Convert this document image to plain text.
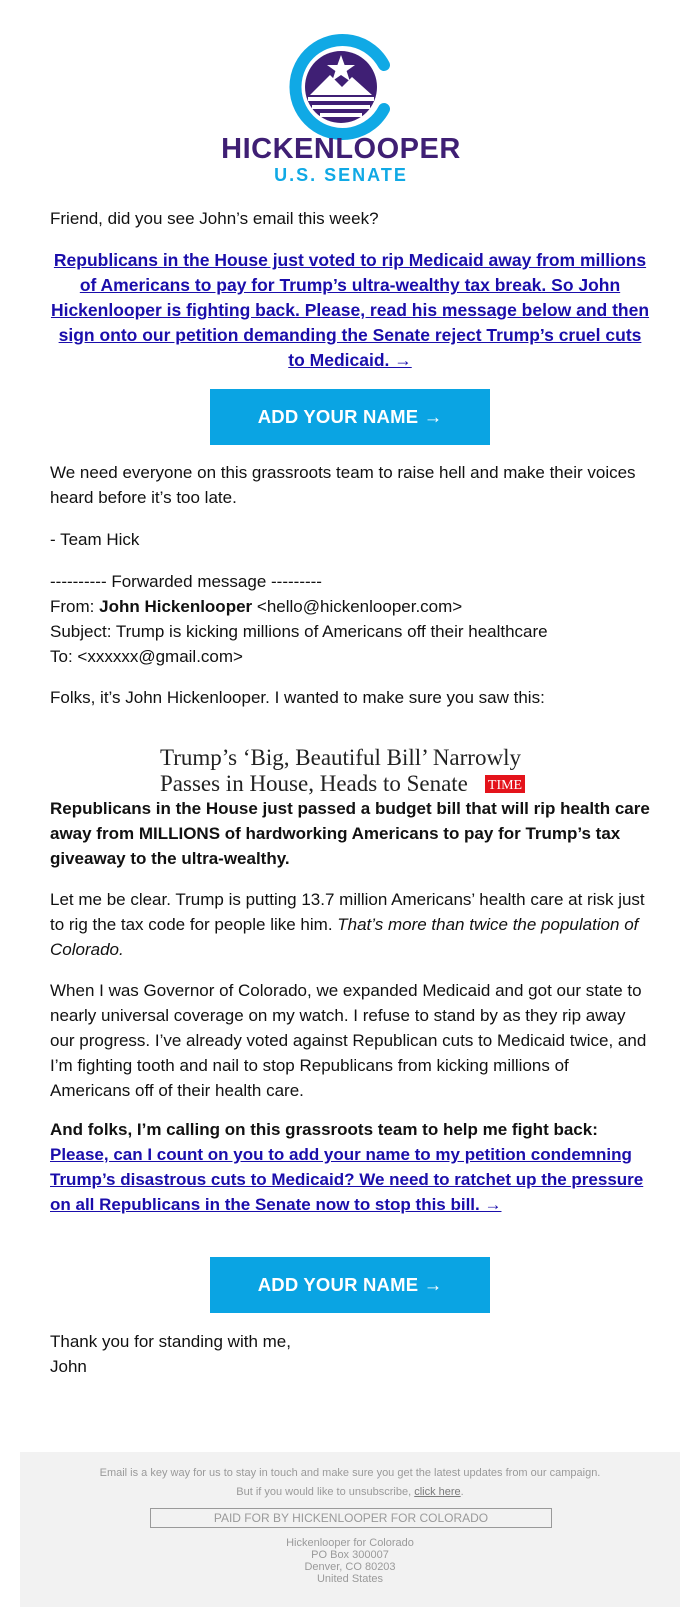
HICKENLOOPER
U.S. SENATE
Friend, did you see John’s email this week?
Republicans in the House just voted to rip Medicaid away from millions of Americans to pay for Trump’s ultra-wealthy tax break. So John Hickenlooper is fighting back. Please, read his message below and then sign onto our petition demanding the Senate reject Trump’s cruel cuts to Medicaid. →
ADD YOUR NAME →
We need everyone on this grassroots team to raise hell and make their voices heard before it’s too late.
- Team Hick
---------- Forwarded message ---------
From: John Hickenlooper <hello@hickenlooper.com>
Subject: Trump is kicking millions of Americans off their healthcare
To: <xxxxxx@gmail.com>
Folks, it’s John Hickenlooper. I wanted to make sure you saw this:
Trump’s ‘Big, Beautiful Bill’ Narrowly
Passes in House, Heads to Senate TIME
Republicans in the House just passed a budget bill that will rip health care away from MILLIONS of hardworking Americans to pay for Trump’s tax giveaway to the ultra-wealthy.
Let me be clear. Trump is putting 13.7 million Americans’ health care at risk just to rig the tax code for people like him. That’s more than twice the population of Colorado.
When I was Governor of Colorado, we expanded Medicaid and got our state to nearly universal coverage on my watch. I refuse to stand by as they rip away our progress. I’ve already voted against Republican cuts to Medicaid twice, and I’m fighting tooth and nail to stop Republicans from kicking millions of Americans off of their health care.
And folks, I’m calling on this grassroots team to help me fight back:
Please, can I count on you to add your name to my petition condemning Trump’s disastrous cuts to Medicaid? We need to ratchet up the pressure on all Republicans in the Senate now to stop this bill. →
ADD YOUR NAME →
Thank you for standing with me,
John
Email is a key way for us to stay in touch and make sure you get the latest updates from our campaign. But if you would like to unsubscribe, click here.
PAID FOR BY HICKENLOOPER FOR COLORADO
Hickenlooper for Colorado
PO Box 300007
Denver, CO 80203
United States
